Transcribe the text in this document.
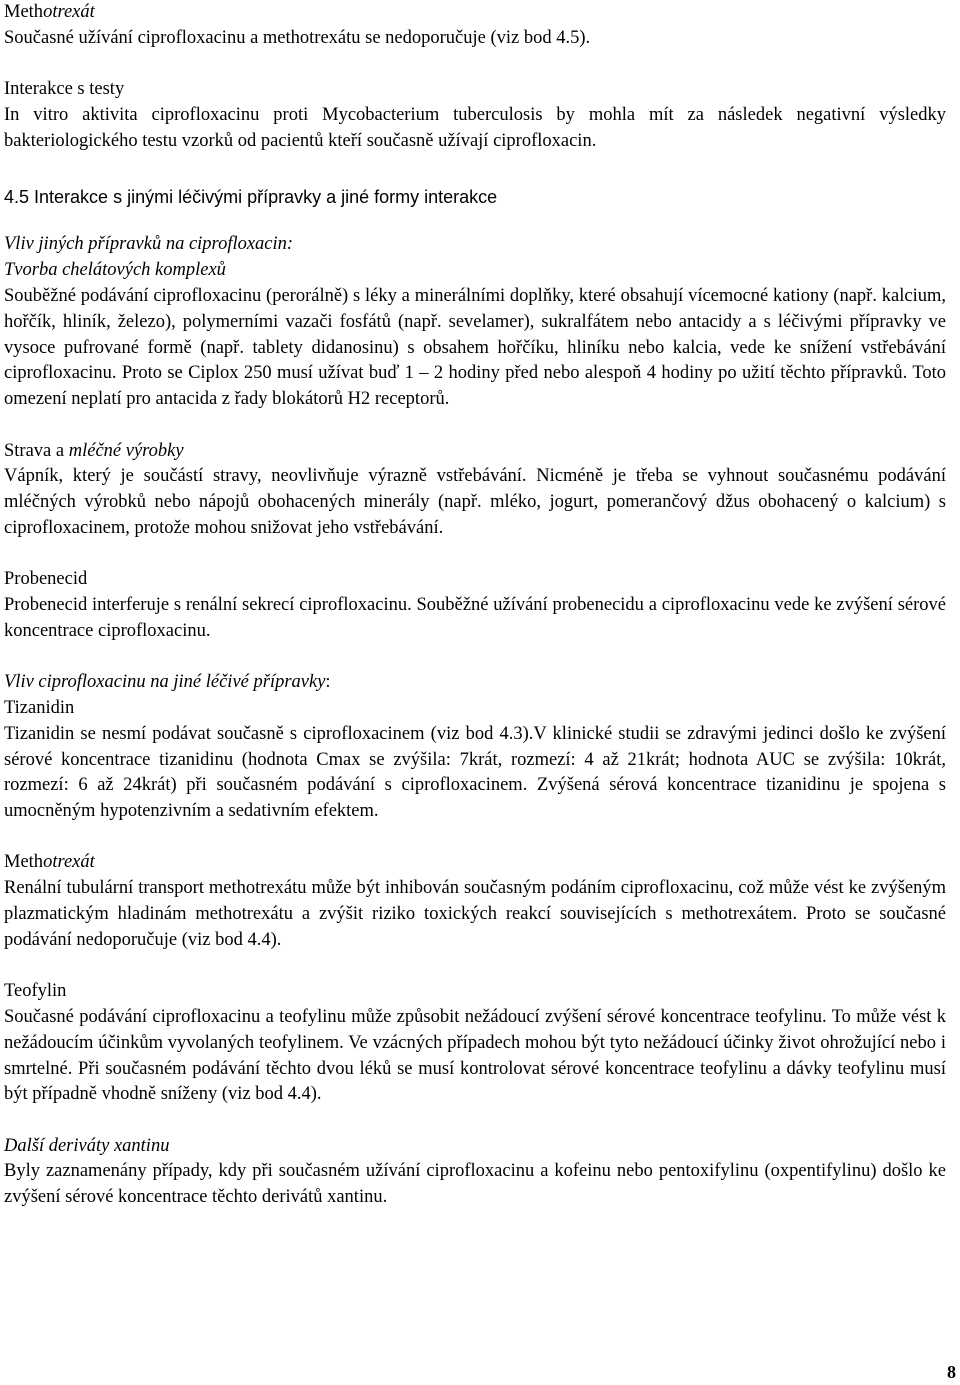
Methotrexát
Současné užívání ciprofloxacinu a methotrexátu se nedoporučuje (viz bod 4.5).
Interakce s testy
In vitro aktivita ciprofloxacinu proti Mycobacterium tuberculosis by mohla mít za následek negativní výsledky bakteriologického testu vzorků od pacientů kteří současně užívají ciprofloxacin.
4.5 Interakce s jinými léčivými přípravky a jiné formy interakce
Vliv jiných přípravků na ciprofloxacin:
Tvorba chelátových komplexů
Souběžné podávání ciprofloxacinu (perorálně) s léky a minerálními doplňky, které obsahují vícemocné kationy (např. kalcium, hořčík, hliník, železo), polymerními vazači fosfátů (např. sevelamer), sukralfátem nebo antacidy a s léčivými přípravky ve vysoce pufrované formě (např. tablety didanosinu) s obsahem hořčíku, hliníku nebo kalcia, vede ke snížení vstřebávání ciprofloxacinu. Proto se Ciplox 250 musí užívat buď 1 – 2 hodiny před nebo alespoň 4 hodiny po užití těchto přípravků. Toto omezení neplatí pro antacida z řady blokátorů H2 receptorů.
Strava a mléčné výrobky
Vápník, který je součástí stravy, neovlivňuje výrazně vstřebávání. Nicméně je třeba se vyhnout současnému podávání mléčných výrobků nebo nápojů obohacených minerály (např. mléko, jogurt, pomerančový džus obohacený o kalcium) s ciprofloxacinem, protože mohou snižovat jeho vstřebávání.
Probenecid
Probenecid interferuje s renální sekrecí ciprofloxacinu. Souběžné užívání probenecidu a ciprofloxacinu vede ke zvýšení sérové koncentrace ciprofloxacinu.
Vliv ciprofloxacinu na jiné léčivé přípravky:
Tizanidin
Tizanidin se nesmí podávat současně s ciprofloxacinem (viz bod 4.3).V klinické studii se zdravými jedinci došlo ke zvýšení sérové koncentrace tizanidinu (hodnota Cmax se zvýšila: 7krát, rozmezí: 4 až 21krát; hodnota AUC se zvýšila: 10krát, rozmezí: 6 až 24krát) při současném podávání s ciprofloxacinem. Zvýšená sérová koncentrace tizanidinu je spojena s umocněným hypotenzivním a sedativním efektem.
Methotrexát
Renální tubulární transport methotrexátu může být inhibován současným podáním ciprofloxacinu, což může vést ke zvýšeným plazmatickým hladinám methotrexátu a zvýšit riziko toxických reakcí souvisejících s methotrexátem. Proto se současné podávání nedoporučuje (viz bod 4.4).
Teofylin
Současné podávání ciprofloxacinu a teofylinu může způsobit nežádoucí zvýšení sérové koncentrace teofylinu. To může vést k nežádoucím účinkům vyvolaných teofylinem. Ve vzácných případech mohou být tyto nežádoucí účinky život ohrožující nebo i smrtelné. Při současném podávání těchto dvou léků se musí kontrolovat sérové koncentrace teofylinu a dávky teofylinu musí být případně vhodně sníženy (viz bod 4.4).
Další deriváty xantinu
Byly zaznamenány případy, kdy při současném užívání ciprofloxacinu a kofeinu nebo pentoxifylinu (oxpentifylinu) došlo ke zvýšení sérové koncentrace těchto derivátů xantinu.
8
